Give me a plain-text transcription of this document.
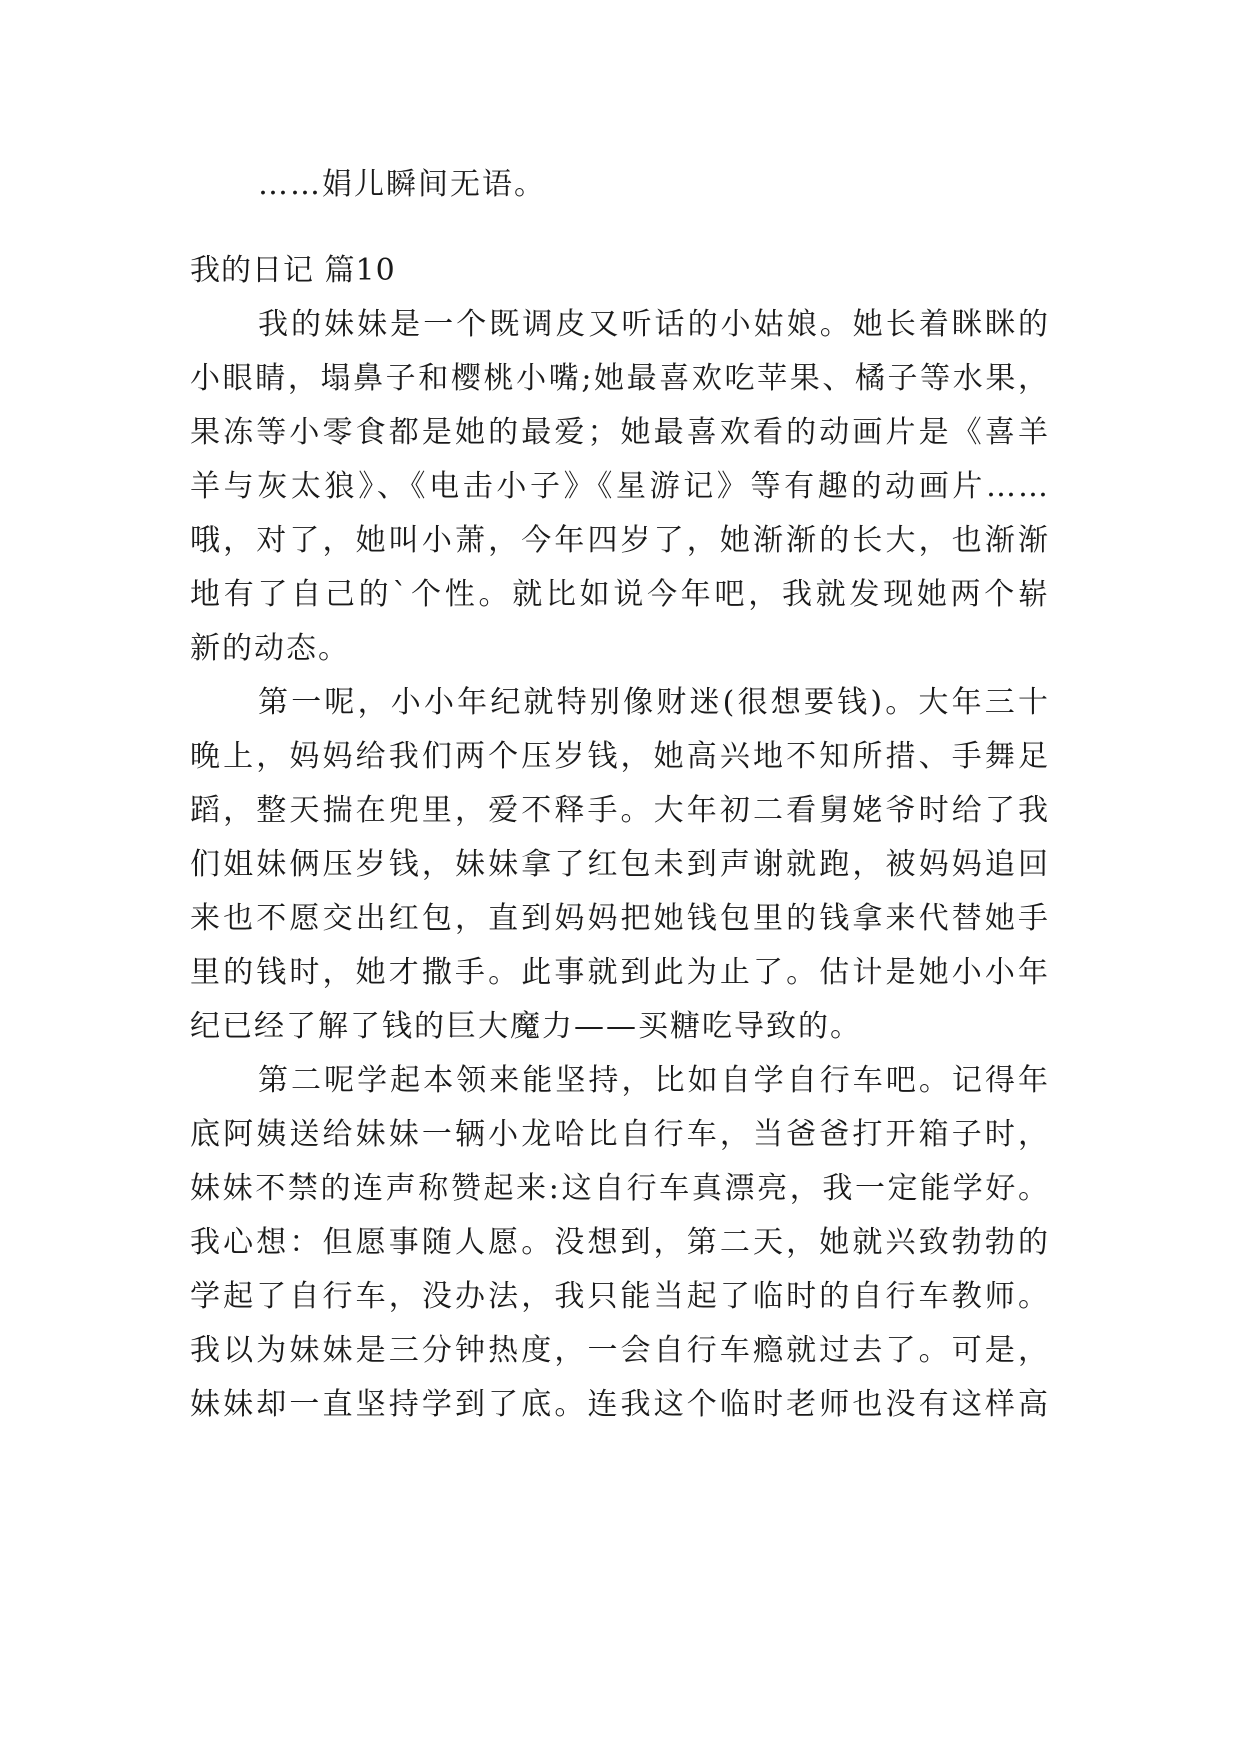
……娟儿瞬间无语。
我的日记 篇10
我的妹妹是一个既调皮又听话的小姑娘。她长着眯眯的
小眼睛，塌鼻子和樱桃小嘴;她最喜欢吃苹果、橘子等水果，
果冻等小零食都是她的最爱；她最喜欢看的动画片是《喜羊
羊与灰太狼》、《电击小子》《星游记》等有趣的动画片……
哦，对了，她叫小萧，今年四岁了，她渐渐的长大，也渐渐
地有了自己的`个性。就比如说今年吧，我就发现她两个崭
新的动态。
第一呢，小小年纪就特别像财迷(很想要钱)。大年三十
晚上，妈妈给我们两个压岁钱，她高兴地不知所措、手舞足
蹈，整天揣在兜里，爱不释手。大年初二看舅姥爷时给了我
们姐妹俩压岁钱，妹妹拿了红包未到声谢就跑，被妈妈追回
来也不愿交出红包，直到妈妈把她钱包里的钱拿来代替她手
里的钱时，她才撒手。此事就到此为止了。估计是她小小年
纪已经了解了钱的巨大魔力——买糖吃导致的。
第二呢学起本领来能坚持，比如自学自行车吧。记得年
底阿姨送给妹妹一辆小龙哈比自行车，当爸爸打开箱子时，
妹妹不禁的连声称赞起来:这自行车真漂亮，我一定能学好。
我心想：但愿事随人愿。没想到，第二天，她就兴致勃勃的
学起了自行车，没办法，我只能当起了临时的自行车教师。
我以为妹妹是三分钟热度，一会自行车瘾就过去了。可是，
妹妹却一直坚持学到了底。连我这个临时老师也没有这样高
